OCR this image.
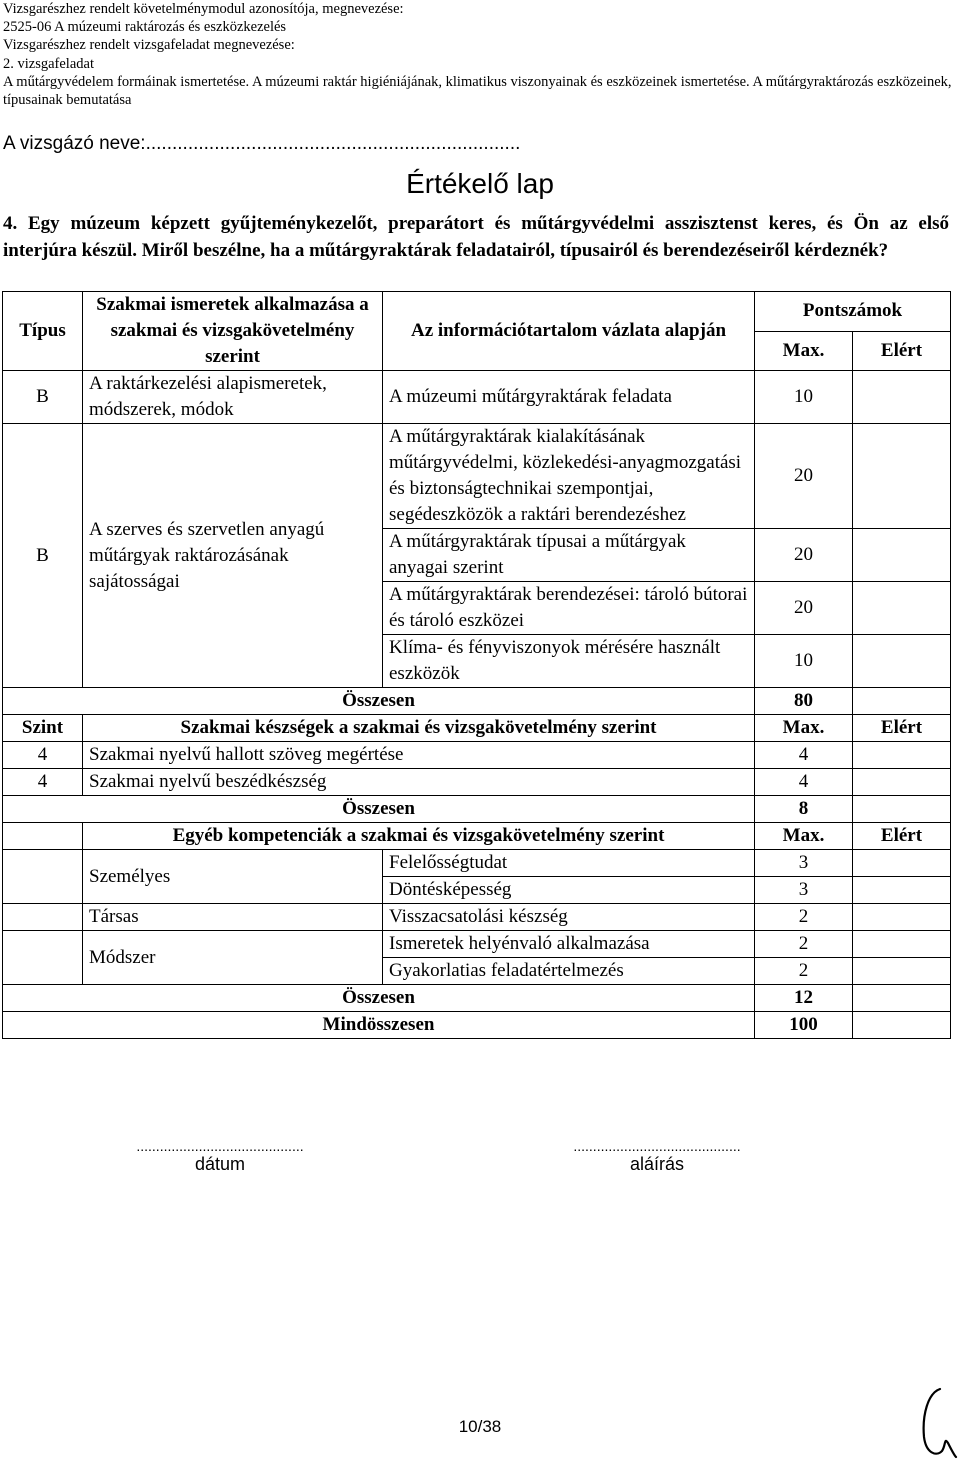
Vizsgarészhez rendelt követelménymodul azonosítója, megnevezése:
2525-06 A múzeumi raktározás és eszközkezelés
Vizsgarészhez rendelt vizsgafeladat megnevezése:
2. vizsgafeladat
A műtárgyvédelem formáinak ismertetése. A múzeumi raktár higiéniájának, klimatikus viszonyainak és eszközeinek ismertetése. A műtárgyraktározás eszközeinek, típusainak bemutatása
A vizsgázó neve:.......................................................................
Értékelő lap
4. Egy múzeum képzett gyűjteménykezelőt, preparátort és műtárgyvédelmi asszisztenst keres, és Ön az első interjúra készül. Miről beszélne, ha a műtárgyraktárak feladatairól, típusairól és berendezéseiről kérdeznék?
Típus	Szakmai ismeretek alkalmazása a szakmai és vizsgakövetelmény szerint	Az információtartalom vázlata alapján	Pontszámok	
			Max.	Elért
B	A raktárkezelési alapismeretek, módszerek, módok	A múzeumi műtárgyraktárak feladata	10	
B	A szerves és szervetlen anyagú műtárgyak raktározásának sajátosságai	A műtárgyraktárak kialakításának műtárgyvédelmi, közlekedési-anyagmozgatási és biztonságtechnikai szempontjai, segédeszközök a raktári berendezéshez	20	
		A műtárgyraktárak típusai a műtárgyak anyagai szerint	20	
		A műtárgyraktárak berendezései: tároló bútorai és tároló eszközei	20	
		Klíma- és fényviszonyok mérésére használt eszközök	10	
Összesen			80	
Szint	Szakmai készségek a szakmai és vizsgakövetelmény szerint		Max.	Elért
4	Szakmai nyelvű hallott szöveg megértése		4	
4	Szakmai nyelvű beszédkészség		4	
Összesen			8	
	Egyéb kompetenciák a szakmai és vizsgakövetelmény szerint		Max.	Elért
	Személyes	Felelősségtudat	3	
		Döntésképesség	3	
	Társas	Visszacsatolási készség	2	
	Módszer	Ismeretek helyénvaló alkalmazása	2	
		Gyakorlatias feladatértelmezés	2	
Összesen			12	
Mindösszesen			100	
...........................................
dátum
...........................................
aláírás
10/38
